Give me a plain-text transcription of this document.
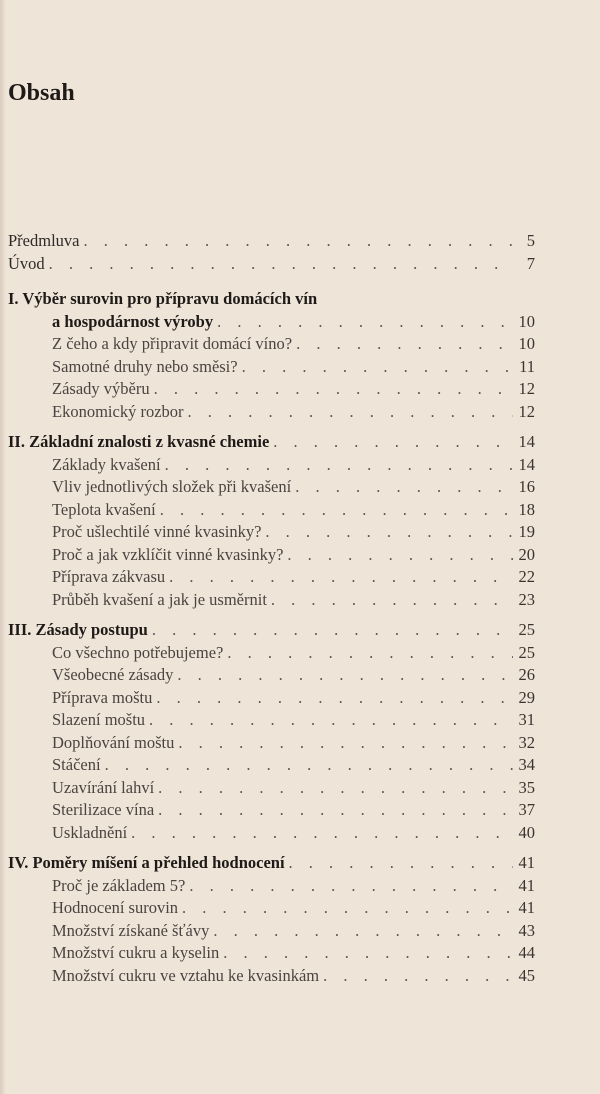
Obsah
Předmluva . . .	5
Úvod . . .	7
I. Výběr surovin pro přípravu domácích vín
a hospodárnost výroby . . .	10
Z čeho a kdy připravit domácí víno? . . .	10
Samotné druhy nebo směsi? . . .	11
Zásady výběru . . .	12
Ekonomický rozbor . . .	12
II. Základní znalosti z kvasné chemie . . .	14
Základy kvašení . . .	14
Vliv jednotlivých složek při kvašení . . .	16
Teplota kvašení . . .	18
Proč ušlechtilé vinné kvasinky? . . .	19
Proč a jak vzklíčit vinné kvasinky? . . .	20
Příprava zákvasu . . .	22
Průběh kvašení a jak je usměrnit . . .	23
III. Zásady postupu . . .	25
Co všechno potřebujeme? . . .	25
Všeobecné zásady . . .	26
Příprava moštu . . .	29
Slazení moštu . . .	31
Doplňování moštu . . .	32
Stáčení . . .	34
Uzavírání lahví . . .	35
Sterilizace vína . . .	37
Uskladnění . . .	40
IV. Poměry míšení a přehled hodnocení . . .	41
Proč je základem 5? . . .	41
Hodnocení surovin . . .	41
Množství získané šťávy . . .	43
Množství cukru a kyselin . . .	44
Množství cukru ve vztahu ke kvasinkám . . .	45
